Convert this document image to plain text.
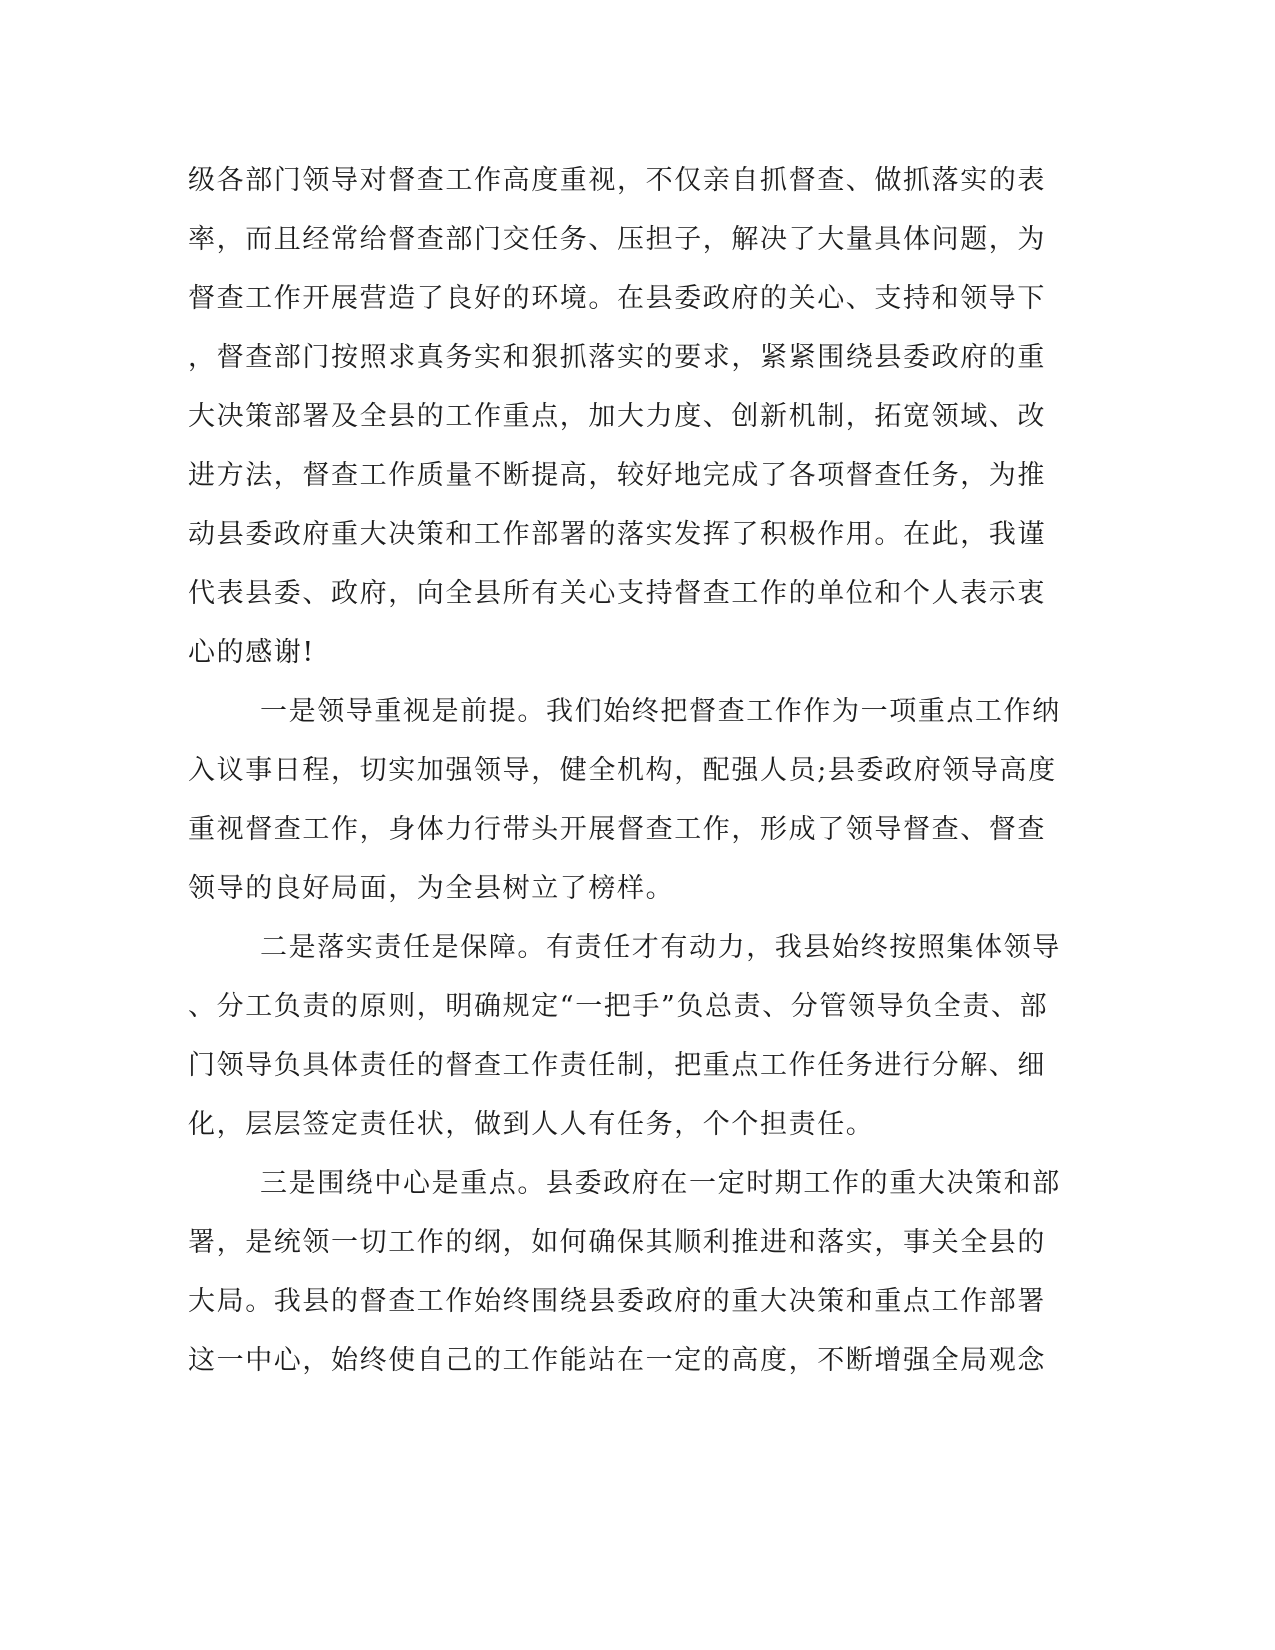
级各部门领导对督查工作高度重视，不仅亲自抓督查、做抓落实的表
率，而且经常给督查部门交任务、压担子，解决了大量具体问题，为
督查工作开展营造了良好的环境。在县委政府的关心、支持和领导下
，督查部门按照求真务实和狠抓落实的要求，紧紧围绕县委政府的重
大决策部署及全县的工作重点，加大力度、创新机制，拓宽领域、改
进方法，督查工作质量不断提高，较好地完成了各项督查任务，为推
动县委政府重大决策和工作部署的落实发挥了积极作用。在此，我谨
代表县委、政府，向全县所有关心支持督查工作的单位和个人表示衷
心的感谢!
一是领导重视是前提。我们始终把督查工作作为一项重点工作纳
入议事日程，切实加强领导，健全机构，配强人员;县委政府领导高度
重视督查工作，身体力行带头开展督查工作，形成了领导督查、督查
领导的良好局面，为全县树立了榜样。
二是落实责任是保障。有责任才有动力，我县始终按照集体领导
、分工负责的原则，明确规定“一把手”负总责、分管领导负全责、部
门领导负具体责任的督查工作责任制，把重点工作任务进行分解、细
化，层层签定责任状，做到人人有任务，个个担责任。
三是围绕中心是重点。县委政府在一定时期工作的重大决策和部
署，是统领一切工作的纲，如何确保其顺利推进和落实，事关全县的
大局。我县的督查工作始终围绕县委政府的重大决策和重点工作部署
这一中心，始终使自己的工作能站在一定的高度，不断增强全局观念
